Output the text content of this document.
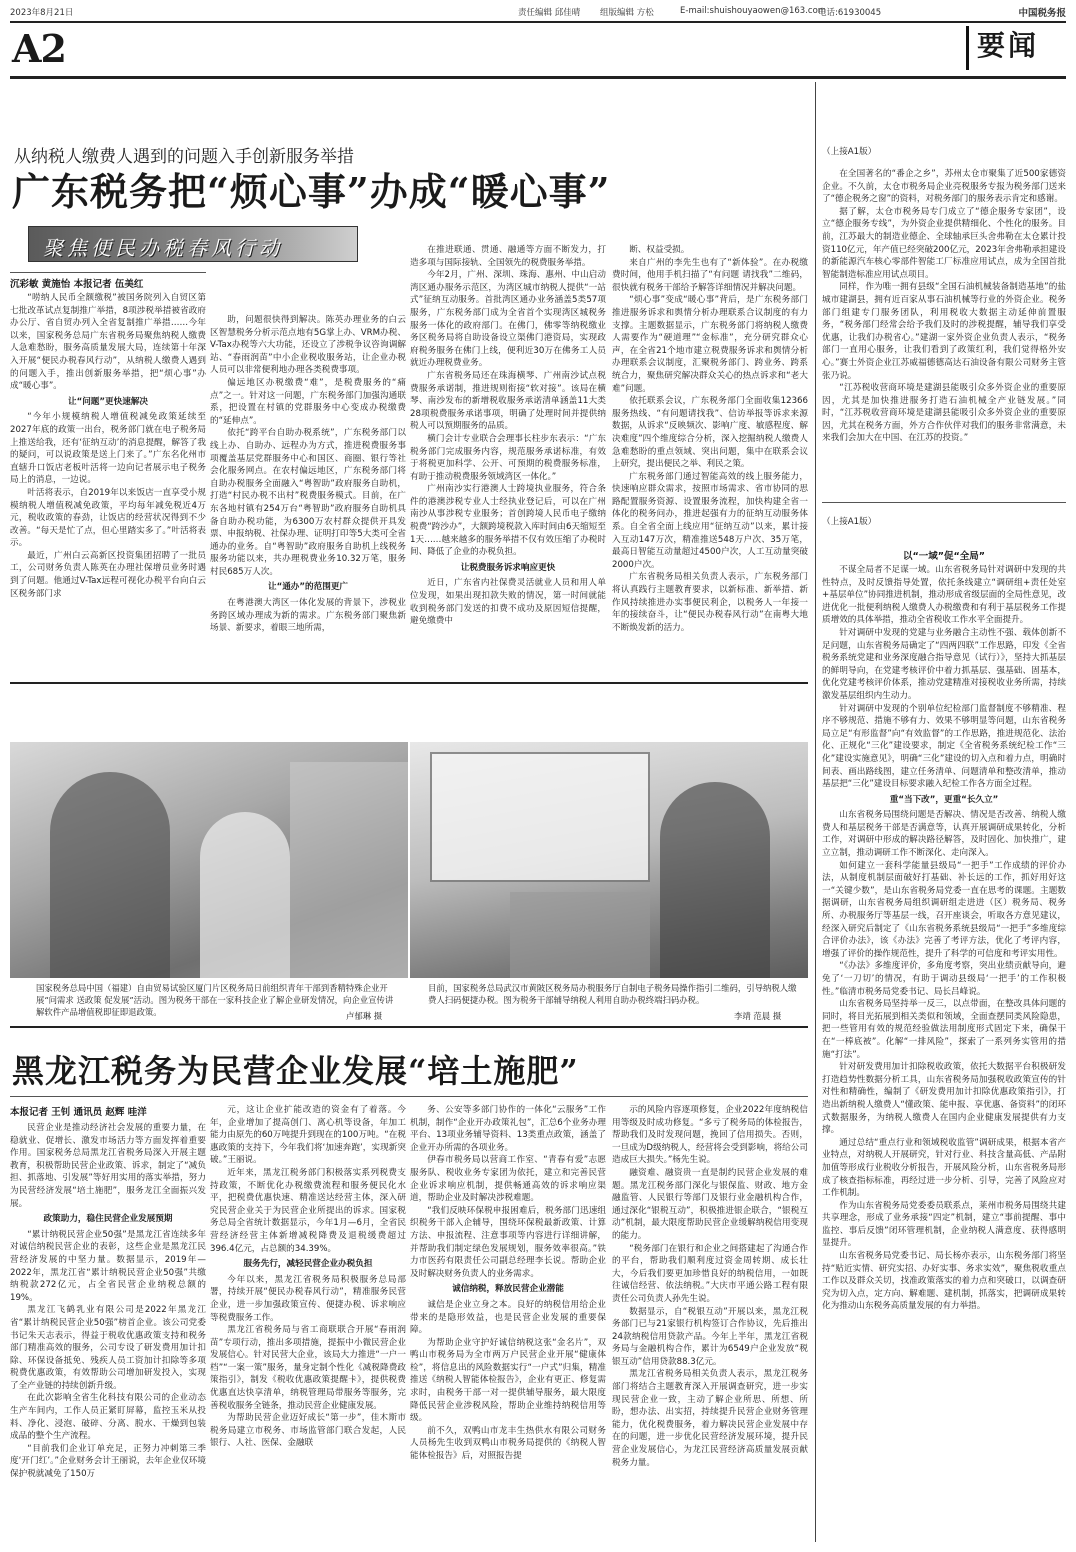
2023年8月21日	责任编辑 邱佳晴 组版编辑 方松	E-mail:shuishouyaowen@163.com
电话:61930045	中国税务报
A2	要闻
从纳税人缴费人遇到的问题入手创新服务举措
广东税务把“烦心事”办成“暖心事”
聚焦便民办税春风行动
沉彩敏 黄施怡 本报记者 伍美红

“唠纳人民币全额缴税”被国务院列入自贸区第七批改革试点复制推广举措，8项涉税举措被省政府办公厅、省自贸办列入全省复制推广举措……今年以来，国家税务总局广东省税务局聚焦纳税人缴费人急难愁盼，服务高质量发展大局，连续第十年深入开展“便民办税春风行动”，从纳税人缴费人遇到的问题入手，推出创新服务举措，把“烦心事”办成“暖心事”。

让“问题”更快速解决

“今年小规模纳税人增值税减免政策延续至2027年底的政策一出台，税务部门就在电子税务局上推送给我，还有‘征纳互动’的消息提醒，解答了我的疑问，可以说政策是送上门来了。”广东名化州市直辖升口饭店老板叶活将一边向记者展示电子税务局上的消息，一边说。

叶活将表示，自2019年以来饭店一直享受小规模纳税人增值税减免政策，平均每年减免税近4万元，税收政策的春劲，让饭店的经营状况得到不少改善。“每天是忙了点，但心里踏实多了。”叶活将表示。

最近，广州白云高新区投资集团招聘了一批员工，公司财务负责人陈英在办理社保增员业务时遇到了问题。他通过V-Tax远程可视化办税平台向白云区税务部门求

助，问题很快得到解决。陈英办理业务的白云区智慧税务分析示范点地有5G掌上办、VRM办税、V-Tax办税等六大功能，还设立了涉税争议咨询调解站、“春雨润苗”中小企业税收服务站，让企业办税人员可以非常便利地办理各类税费事项。

偏远地区办税缴费“难”，是税费服务的“痛点”之一。针对这一问题，广东税务部门加强沟通联系，把设置在村镇的党群服务中心变成办税缴费的“延伸点”。

依托“跨平台自助办税系统”，广东税务部门以线上办、自助办、远程办为方式，推进税费服务事项覆盖基层党群服务中心和国区、商圈、银行等社会化服务网点。在农村偏远地区，广东税务部门将自助办税服务全面融入“粤智助”政府服务自助机，打造“村民办税不出村”税费服务模式。目前，在广东各地村镇有254万台“粤智助”政府服务自助机具备自助办税功能，为6300万农村群众提供开具发票、申报纳税、社保办理、证明打印等5大类可全省通办的业务。自“粤智助”政府服务自助机上线税务服务功能以来，共办理税费业务10.32万笔，服务村民685万人次。

让“通办”的范围更广

在粤港澳大湾区一体化发展的背景下，涉税业务跨区域办理成为新的需求。广东税务部门聚焦新场景、新要求，着眼三地所需，

在推进联通、贯通、融通等方面不断发力，打造多项与国际接轨、全国领先的税费服务举措。

今年2月，广州、深圳、珠海、惠州、中山启动湾区通办服务示范区，为湾区城市纳税人提供“一站式”征纳互动服务。首批湾区通办业务涵盖5类57项服务，广东税务部门成为全省首个实现湾区城税务服务一体化的政府部门。在佛门，佛零等纳税缴业务区税务局将自助设备设立渠佛门港资局，实现政府税务服务在佛门上线，便利近30万在佛务工人员就近办理税费业务。

广东省税务局还在珠海横琴、广州南沙试点税费服务承诺制，推进规则衔接“软对接”。该局在横琴、南沙发布的新增税收服务承诺清单涵盖11大类28项税费服务承诺事项，明确了处理时间并提供纳税人可以预期服务的品质。

横门会计专业联合会理事长柱步东表示：“广东税务部门完成服务内容，规范服务承诺标准，有效于将税更加科学、公开、可预期的税费服务标准，有助于推动税费服务领域湾区一体化。”

广州南沙实行港澳人士跨境执业服务，符合条件的港澳涉税专业人士经执业登记后，可以在广州南沙从事涉税专业服务；首创跨境人民币电子缴纳税费“跨沙办”，大额跨境税款入库时间由6天缩短至1天……越来越多的服务举措不仅有效压缩了办税时间、降低了企业的办税负担。

让税费服务诉求响应更快

近日，广东省内社保费灵活就业人员和用人单位发现，如果出现扣款失败的情况，第一时间就能收到税务部门发送的扣费不成功及原因短信提醒，避免缴费中

断、权益受损。

来自广州的李先生也有了“新体验”。在办税缴费时间，他用手机扫描了“有问题 请找我”二维码，很快就有税务干部给予解答详细情况并解决问题。

“烦心事”变成“暖心事”背后，是广东税务部门推进服务诉求和舆情分析办理联系合议制度的有力支撑。主题数据显示，广东税务部门将纳税人缴费人需要作为“硬道理”“金标准”，充分研究群众心声，在全省21个地市建立税费服务诉求和舆情分析办理联系会议制度，汇聚税务部门、跨业务、跨系统合力，聚焦研究解决群众关心的热点诉求和“老大难”问题。

依托联系会议，广东税务部门全面收集12366服务热线、“有问题请找我”、信访举报等诉求来源数据，从诉求“反映频次、影响广度、敏感程度、解决难度”四个维度综合分析，深入挖掘纳税人缴费人急难愁盼的重点领域、突出问题，集中在联系会议上研究，提出便民之举、利民之策。

广东税务部门通过智能高效的线上服务能力，快速响应群众需求，按照市场需求、省市协同的思路配置服务资源、设置服务流程，加快构建全省一体化的税务问办，推进起强有力的征纳互动服务体系。自全省全面上线应用“征纳互动”以来，累计接入互动147万次，精准推送548万户次、35万笔，最高日智能互动量超过4500户次，人工互动量突破2000户次。

广东省税务局相关负责人表示，广东税务部门将认真践行主题教育要求，以新标准、新举措、新作风持续推进办实事便民利企，以税务人一年接一年的接续奋斗，让“便民办税春风行动”在南粤大地不断焕发新的活力。

（上接A1版）

在全国著名的“番企之乡”，苏州太仓市聚集了近500家德资企业。不久前，太仓市税务局企业亮税服务专报为税务部门送来了“德企税务之窗”的资料，对税务部门的服务表示肯定和感谢。

据了解，太仓市税务局专门成立了“德企服务专家团”，设立“德企服务专线”，为外资企业提供精细化、个性化的服务。目前，江苏最大的制造业德企、全球轴承巨头舍弗勒在太仓累计投资110亿元，年产值已经突破200亿元，2023年舍弗勒承担建设的新能源汽车核心零部件智能工厂标准应用试点，成为全国首批智能制造标准应用试点项目。

同样，作为唯一拥有县级“全国石油机械装备制造基地”的盐城市建湖县，拥有近百家从事石油机械等行业的外资企业。税务部门组建专门服务团队，利用税收大数据主动延伸前置服务，“税务部门经常会给予我们及时的涉税提醒，辅导我们享受优惠，让我们办税省心。”建湖一家外资企业负责人表示，“税务部门一直用心服务，让我们看到了政策红利，我们觉得格外安心。”赛士外资企业江苏威福德德高达石油设备有限公司财务主管张乃说。

“江苏税收营商环境是建湖县能吸引众多外资企业的重要原因，尤其是加快推进服务打造石油机械全产业链发展。”同时，“江苏税收营商环境是建湖县能吸引众多外资企业的重要原因，尤其在税务方面，外方合作伙伴对我们的服务非常满意，未来我们会加大在中国、在江苏的投资。”

（上接A1版）
以“一域”促“全局”

不谋全局者不足谋一域。山东省税务局针对调研中发现的共性特点，及时反馈指导处置，依托条线建立“调研组+责任处室+基层单位”协同推进机制，推动形成省级层面的全局性意见，改进优化一批便利纳税人缴费人办税缴费和有利于基层税务工作提质增效的具体举措，推动全省税收工作水平全面提升。

针对调研中发现的党建与业务融合主动性不强、载体创新不足问题，山东省税务局确定了“四两四联”工作思路，印发《全省税务系统党建和业务深度融合指导意见（试行）》，坚持大抓基层的鲜明导向，在党建考核评价中着力抓基层、强基础、固基本，优化党建考核评价体系，推动党建精准对接税收业务所需，持续激发基层组织内生动力。

针对调研中发现的个别单位纪检部门监督制度不够精准、程序不够规范、措施不够有力、效果不够明显等问题，山东省税务局立足“有形监督”向“有效监督”的工作思路，推进规范化、法治化、正规化“三化”建设要求，制定《全省税务系统纪检工作“三化”建设实施意见》，明确“三化”建设的切入点和着力点，明确时间表、画出路线图，建立任务清单、问题清单和整改清单，推动基层把“三化”建设目标要求融入纪检工作各方面全过程。

重“当下改”，更重“长久立”

山东省税务局围绕问题是否解决、情况是否改善、纳税人缴费人和基层税务干部是否满意等，认真开展调研成果转化，分析工作，对调研中形成的解决路径解答，及时固化、加快推广，建立立制，推动调研工作不断深化、走向深入。

如何建立一套科学能量县级局“一把手”工作成绩的评价办法，从制度机制层面破好打基础、补长远的工作，抓好用好这一“关键少数”，是山东省税务局党委一直在思考的课题。主题数据调研，山东省税务局组织调研组走进进（区）税务局、税务所、办税服务厅等基层一线，召开座谈会，听取各方意见建议，经深入研究后制定了《山东省税务系统县级局“一把手”多维度综合评价办法》，该《办法》完善了考评方法，优化了考评内容，增强了评价的操作规范性，提升了科学的可信度和考评实用性。

“《办法》多维度评价，多角度考察，突出业绩贡献导向，避免了‘一刀切’的情况，有助于调动县级局‘一把手’的工作积极性。”临清市税务局党委书记、局长吕峰说。

山东省税务局坚持举一反三，以点带面，在整改具体问题的同时，将目光拓展到相关类似和领域，全面查摆同类风险隐患，把一些管用有效的规范经验做法用制度形式固定下来，确保干在“一棒底被”。化解“一排风险”，探索了一系列务实管用的措施“打法”。

针对研发费用加计扣除税收政策，依托大数据平台积极研发打造趋势性数据分析工具，山东省税务局加强税收政策宣传的针对性和精确性，编制了《研发费用加计扣除优惠政策指引》，打造出新纳税人缴费人“懂政策、能申报、享优惠、备资料”的闭环式数据服务，为纳税人缴费人在国内企业健康发展提供有力支撑。

通过总结“重点行业和领域税收监管”调研成果，根据本省产业特点，对纳税人开展研究，针对行业、科技含量高低、产品附加值等形成行业税收分析报告，开展风险分析，山东省税务局形成了核查指标标准，再经过进一步分析、引导，完善了风险应对工作机制。

作为山东省税务局党委委员联系点，莱州市税务局围绕共建共享理念，形成了业务承接“四定”机制，建立“事前提醒、事中监控、事后反馈”闭环管理机制，企业纳税人满意度、获得感明显提升。

山东省税务局党委书记、局长杨亦表示，山东税务部门将坚持“贴近实情、研究实招、办好实事、务求实效”，聚焦税收重点工作以及群众关切，找准政策落实的着力点和突破口，以调查研究为切入点，定方向、解难题、建机制，抓落实，把调研成果转化为推动山东税务高质量发展的有力举措。

国家税务总局中国（福建）自由贸易试验区厦门片区税务局日前组织青年干部到香精特殊企业开展“问需求 送政策 促发展”活动。图为税务干部在一家科技企业了解企业研发情况，向企业宣传讲解软件产品增值税即征即退政策。	卢郁琳 摄
目前，国家税务总局武汉市黄陂区税务局办税服务厅自制电子税务局操作指引二维码，引导纳税人缴费人扫码便捷办税。图为税务干部辅导纳税人利用自助办税终端扫码办税。
李靖 范晨 摄
黑龙江税务为民营企业发展“培土施肥”
本报记者 王钊 通讯员 赵辉 哇洋

民营企业是推动经济社会发展的重要力量，在稳就业、促增长、激发市场活力等方面发挥着重要作用。国家税务总局黑龙江省税务局深入开展主题教育，积极帮助民营企业政策、诉求，制定了“减负担、抓落地、引发展”等好用实用的落实举措，努力为民营经济发展“培土施肥”，服务龙江全面振兴发展。

政策助力，稳住民营企业发展预期

“累计纳税民营企业50强”是黑龙江省连续多年对诚信纳税民营企业的表彰，这些企业是黑龙江民营经济发展的中坚力量。数据显示，2019年—2022年，黑龙江省“累计纳税民营企业50强”共缴纳税款272亿元，占全省民营企业纳税总额的19%。

黑龙江飞鹤乳业有限公司是2022年黑龙江省“累计纳税民营企业50强”榜首企业。该公司党委书记朱天志表示，得益于税收优惠政策支持和税务部门精准高效的服务，公司专设了研发费用加计扣除、环保设备抵免、残疾人员工资加计扣除等多项税费优惠政策，有效帮助公司增加研发投入，实现了全产业链的持续创新升级。

在此次影响全省生化科技有限公司的企业动态生产车间内，工作人员正紧盯屏幕，监控玉米从投料、净化、浸泡、破碎、分离、脱水、干燥到包装成品的整个生产流程。

“目前我们企业订单充足，正努力冲刺第三季度‘开门红’。”企业财务会计王丽说，去年企业仅环境保护税就减免了150万

元，这让企业扩能改造的资金有了着落。今年，企业增加了提高创门、离心机等设备，年加工能力由原先的60万吨提升到现在的100万吨。“在税惠政策的支持下，今年我们将‘加速奔跑’，实现新突破。”王丽说。

近年来，黑龙江税务部门积极落实系列税费支持政策，不断优化办税缴费流程和服务便民化水平，把税费优惠快速、精准送达经营主体，深入研究民营企业关于为民营企业所提出的诉求。国家税务总局全省统计数据显示，今年1月—6月，全省民营经济经营主体新增减税降费及退税缓费超过396.4亿元，占总额的34.39%。

服务先行，减轻民营企业办税负担

今年以来，黑龙江省税务局积极服务总局部署，持续开展“便民办税春风行动”，精准服务民营企业，进一步加强政策宣传、便捷办税、诉求响应等税费服务工作。

黑龙江省税务局与省工商联联合开展“春雨润苗”专项行动，推出多项措施，提振中小微民营企业发展信心。针对民营大企业，该局大力推进“一户一档”“一案一策”服务，量身定制个性化《减税降费政策指引》，制发《税收优惠政策提醒卡》，提供税费优惠直达快享清单，纳税管理局带服务等服务，完善税收服务全链条，推动民营企业健康发展。

为帮助民营企业迈好成长“第一步”，佳木斯市税务局建立市税务、市场监管部门联合发起，人民银行、人社、医保、金融联

务、公安等多部门协作的一体化“云服务”工作机制，制作“企业开办政策礼包”，汇总6个业务办理平台、13项业务辅导资料、13类重点政策，涵盖了企业开办所需的各项业务。

伊春市税务局以营商工作室、“青春有爱”志愿服务队、税收业务专家团为依托，建立和完善民营企业诉求响应机制，提供畅通高效的诉求响应渠道，帮助企业及时解决涉税难题。

“我们反映环保税申报困难后，税务部门迅速组织税务干部入企辅导，围绕环保税最新政策、计算方法、申报流程、注意事项等内容进行详细讲解，并帮助我们制定绿色发展规划，服务效率很高。”铁力市医药有限责任公司副总经理李长说。帮助企业及时解决财务负责人的业务需求。

诚信纳税，释放民营企业潜能

诚信是企业立身之本。良好的纳税信用给企业带来的是隐形效益，也是民营企业发展的重要保障。

为帮助企业守护好诚信纳税这张“金名片”，双鸭山市税务局为全市两万户民营企业开展“健康体检”，将信息出的风险数据实行“一户式”归集，精准推送《纳税人智能体检报告》，企业有更正、修复需求时，由税务干部一对一提供辅导服务，最大限度降低民营企业涉税风险，帮助企业维持纳税信用等级。

前不久，双鸭山市龙丰生热供水有限公司财务人员杨先生收到双鸭山市税务局提供的《纳税人智能体检报告》后，对照报告提

示的风险内容逐项修复，企业2022年度纳税信用等级及时成功修复。“多亏了税务局的体检报告，帮助我们及时发现问题，挽回了信用损失。否则，一旦成为D级纳税人，经营将会受到影响，将给公司造成巨大损失。”杨先生说。

融资难、融资贵一直是制约民营企业发展的难题。黑龙江税务部门深化与银保监、财政、地方金融监管、人民银行等部门及银行业金融机构合作，通过深化“银税互动”，积极推进银企联合，“银税互动”机制，最大限度帮助民营企业缓解纳税信用变现的能力。

“税务部门在银行和企业之间搭建起了沟通合作的平台，帮助我们顺利度过资金周转期、成长壮大，今后我们要更加珍惜良好的纳税信用，一如既往诚信经营、依法纳税。”大庆市平通公路工程有限责任公司负责人孙先生说。

数据显示，自“税银互动”开展以来，黑龙江税务部门已与21家银行机构签订合作协议，先后推出24款纳税信用贷款产品。今年上半年，黑龙江省税务局与金融机构合作，累计为6549户企业发放“税银互动”信用贷款88.3亿元。

黑龙江省税务局相关负责人表示，黑龙江税务部门将结合主题教育深入开展调查研究，进一步实现民营企业一致，主动了解企业所思、所想、所盼，想办法、出实招，持续提升民营企业财务管理能力，优化税费服务，着力解决民营企业发展中存在的问题，进一步优化民营经济发展环境，提升民营企业发展信心，为龙江民营经济高质量发展贡献税务力量。
